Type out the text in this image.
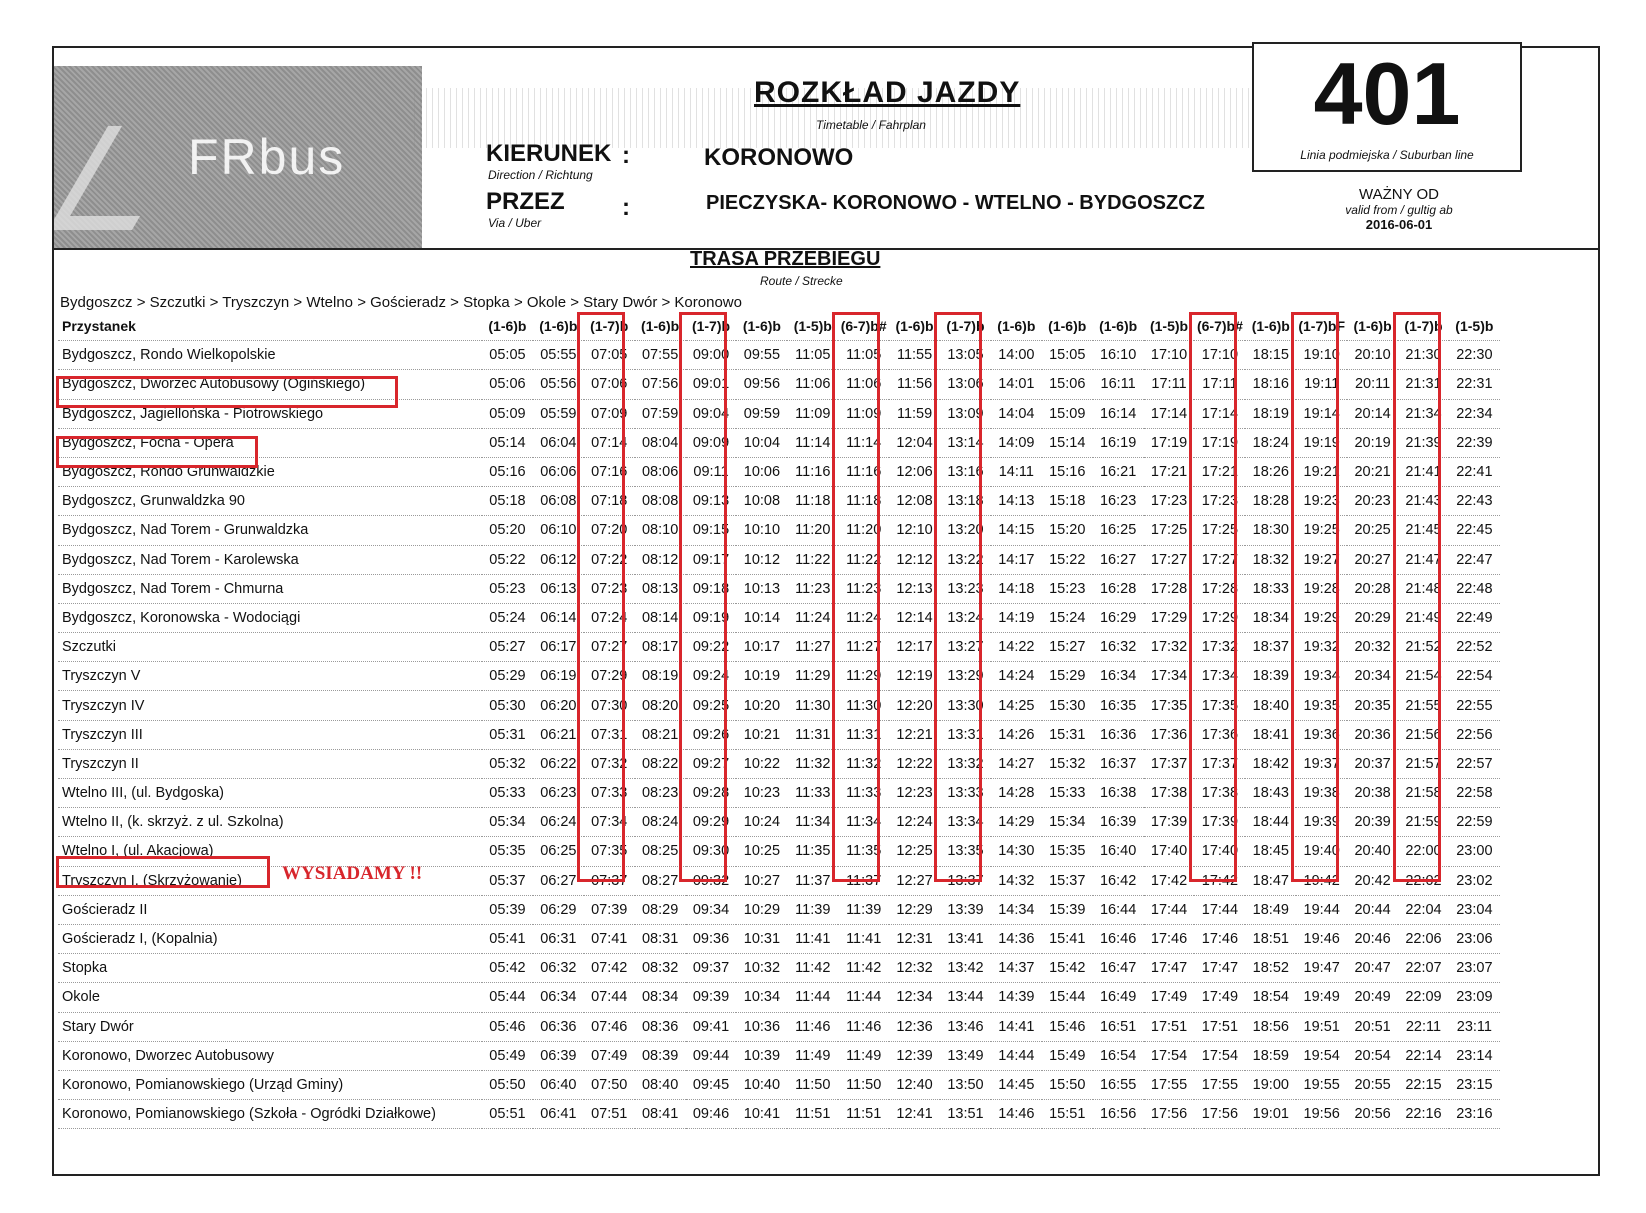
FRbus
ROZKŁAD JAZDY
Timetable / Fahrplan
KIERUNEK
Direction / Richtung
:	KORONOWO
PRZEZ
Via / Uber
:	PIECZYSKA- KORONOWO - WTELNO - BYDGOSZCZ
401
Linia podmiejska / Suburban line
WAŻNY OD
valid from / gultig ab
2016-06-01
TRASA PRZEBIEGU
Route / Strecke
Bydgoszcz > Szczutki > Tryszczyn > Wtelno > Gościeradz > Stopka > Okole > Stary Dwór > Koronowo
Przystanek	(1-6)b	(1-6)b	(1-7)b	(1-6)b	(1-7)b	(1-6)b	(1-5)b	(6-7)b#	(1-6)b	(1-7)b	(1-6)b	(1-6)b	(1-6)b	(1-5)b	(6-7)b#	(1-6)b	(1-7)bF	(1-6)b	(1-7)b	(1-5)b
Bydgoszcz, Rondo Wielkopolskie	05:05	05:55	07:05	07:55	09:00	09:55	11:05	11:05	11:55	13:05	14:00	15:05	16:10	17:10	17:10	18:15	19:10	20:10	21:30	22:30
Bydgoszcz, Dworzec Autobusowy (Ogińskiego)	05:06	05:56	07:06	07:56	09:01	09:56	11:06	11:06	11:56	13:06	14:01	15:06	16:11	17:11	17:11	18:16	19:11	20:11	21:31	22:31
Bydgoszcz, Jagiellońska - Piotrowskiego	05:09	05:59	07:09	07:59	09:04	09:59	11:09	11:09	11:59	13:09	14:04	15:09	16:14	17:14	17:14	18:19	19:14	20:14	21:34	22:34
Bydgoszcz, Focha - Opera	05:14	06:04	07:14	08:04	09:09	10:04	11:14	11:14	12:04	13:14	14:09	15:14	16:19	17:19	17:19	18:24	19:19	20:19	21:39	22:39
Bydgoszcz, Rondo Grunwaldzkie	05:16	06:06	07:16	08:06	09:11	10:06	11:16	11:16	12:06	13:16	14:11	15:16	16:21	17:21	17:21	18:26	19:21	20:21	21:41	22:41
Bydgoszcz, Grunwaldzka 90	05:18	06:08	07:18	08:08	09:13	10:08	11:18	11:18	12:08	13:18	14:13	15:18	16:23	17:23	17:23	18:28	19:23	20:23	21:43	22:43
Bydgoszcz, Nad Torem - Grunwaldzka	05:20	06:10	07:20	08:10	09:15	10:10	11:20	11:20	12:10	13:20	14:15	15:20	16:25	17:25	17:25	18:30	19:25	20:25	21:45	22:45
Bydgoszcz, Nad Torem - Karolewska	05:22	06:12	07:22	08:12	09:17	10:12	11:22	11:22	12:12	13:22	14:17	15:22	16:27	17:27	17:27	18:32	19:27	20:27	21:47	22:47
Bydgoszcz, Nad Torem - Chmurna	05:23	06:13	07:23	08:13	09:18	10:13	11:23	11:23	12:13	13:23	14:18	15:23	16:28	17:28	17:28	18:33	19:28	20:28	21:48	22:48
Bydgoszcz, Koronowska - Wodociągi	05:24	06:14	07:24	08:14	09:19	10:14	11:24	11:24	12:14	13:24	14:19	15:24	16:29	17:29	17:29	18:34	19:29	20:29	21:49	22:49
Szczutki	05:27	06:17	07:27	08:17	09:22	10:17	11:27	11:27	12:17	13:27	14:22	15:27	16:32	17:32	17:32	18:37	19:32	20:32	21:52	22:52
Tryszczyn V	05:29	06:19	07:29	08:19	09:24	10:19	11:29	11:29	12:19	13:29	14:24	15:29	16:34	17:34	17:34	18:39	19:34	20:34	21:54	22:54
Tryszczyn IV	05:30	06:20	07:30	08:20	09:25	10:20	11:30	11:30	12:20	13:30	14:25	15:30	16:35	17:35	17:35	18:40	19:35	20:35	21:55	22:55
Tryszczyn III	05:31	06:21	07:31	08:21	09:26	10:21	11:31	11:31	12:21	13:31	14:26	15:31	16:36	17:36	17:36	18:41	19:36	20:36	21:56	22:56
Tryszczyn II	05:32	06:22	07:32	08:22	09:27	10:22	11:32	11:32	12:22	13:32	14:27	15:32	16:37	17:37	17:37	18:42	19:37	20:37	21:57	22:57
Wtelno III, (ul. Bydgoska)	05:33	06:23	07:33	08:23	09:28	10:23	11:33	11:33	12:23	13:33	14:28	15:33	16:38	17:38	17:38	18:43	19:38	20:38	21:58	22:58
Wtelno II, (k. skrzyż. z ul. Szkolna)	05:34	06:24	07:34	08:24	09:29	10:24	11:34	11:34	12:24	13:34	14:29	15:34	16:39	17:39	17:39	18:44	19:39	20:39	21:59	22:59
Wtelno I, (ul. Akacjowa)	05:35	06:25	07:35	08:25	09:30	10:25	11:35	11:35	12:25	13:35	14:30	15:35	16:40	17:40	17:40	18:45	19:40	20:40	22:00	23:00
Tryszczyn I, (Skrzyżowanie)	05:37	06:27	07:37	08:27	09:32	10:27	11:37	11:37	12:27	13:37	14:32	15:37	16:42	17:42	17:42	18:47	19:42	20:42	22:02	23:02
Gościeradz II	05:39	06:29	07:39	08:29	09:34	10:29	11:39	11:39	12:29	13:39	14:34	15:39	16:44	17:44	17:44	18:49	19:44	20:44	22:04	23:04
Gościeradz I, (Kopalnia)	05:41	06:31	07:41	08:31	09:36	10:31	11:41	11:41	12:31	13:41	14:36	15:41	16:46	17:46	17:46	18:51	19:46	20:46	22:06	23:06
Stopka	05:42	06:32	07:42	08:32	09:37	10:32	11:42	11:42	12:32	13:42	14:37	15:42	16:47	17:47	17:47	18:52	19:47	20:47	22:07	23:07
Okole	05:44	06:34	07:44	08:34	09:39	10:34	11:44	11:44	12:34	13:44	14:39	15:44	16:49	17:49	17:49	18:54	19:49	20:49	22:09	23:09
Stary Dwór	05:46	06:36	07:46	08:36	09:41	10:36	11:46	11:46	12:36	13:46	14:41	15:46	16:51	17:51	17:51	18:56	19:51	20:51	22:11	23:11
Koronowo, Dworzec Autobusowy	05:49	06:39	07:49	08:39	09:44	10:39	11:49	11:49	12:39	13:49	14:44	15:49	16:54	17:54	17:54	18:59	19:54	20:54	22:14	23:14
Koronowo, Pomianowskiego (Urząd Gminy)	05:50	06:40	07:50	08:40	09:45	10:40	11:50	11:50	12:40	13:50	14:45	15:50	16:55	17:55	17:55	19:00	19:55	20:55	22:15	23:15
Koronowo, Pomianowskiego (Szkoła - Ogródki Działkowe)	05:51	06:41	07:51	08:41	09:46	10:41	11:51	11:51	12:41	13:51	14:46	15:51	16:56	17:56	17:56	19:01	19:56	20:56	22:16	23:16
WYSIADAMY !!
